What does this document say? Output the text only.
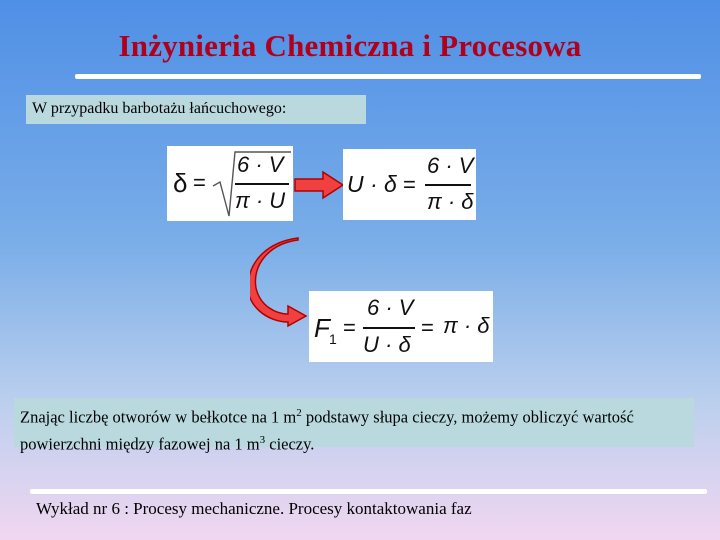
Inżynieria Chemiczna i Procesowa
W przypadku barbotażu łańcuchowego:
δ =
6 · V
π · U
U · δ =
6 · V
π · δ
F 1 =
6 · V
U · δ
= π · δ
Znając liczbę otworów w bełkotce na 1 $m^2$ podstawy słupa cieczy, możemy obliczyć wartość powierzchni między fazowej na 1 $m^3$ cieczy.
Wykład nr 6 : Procesy mechaniczne. Procesy kontaktowania faz
